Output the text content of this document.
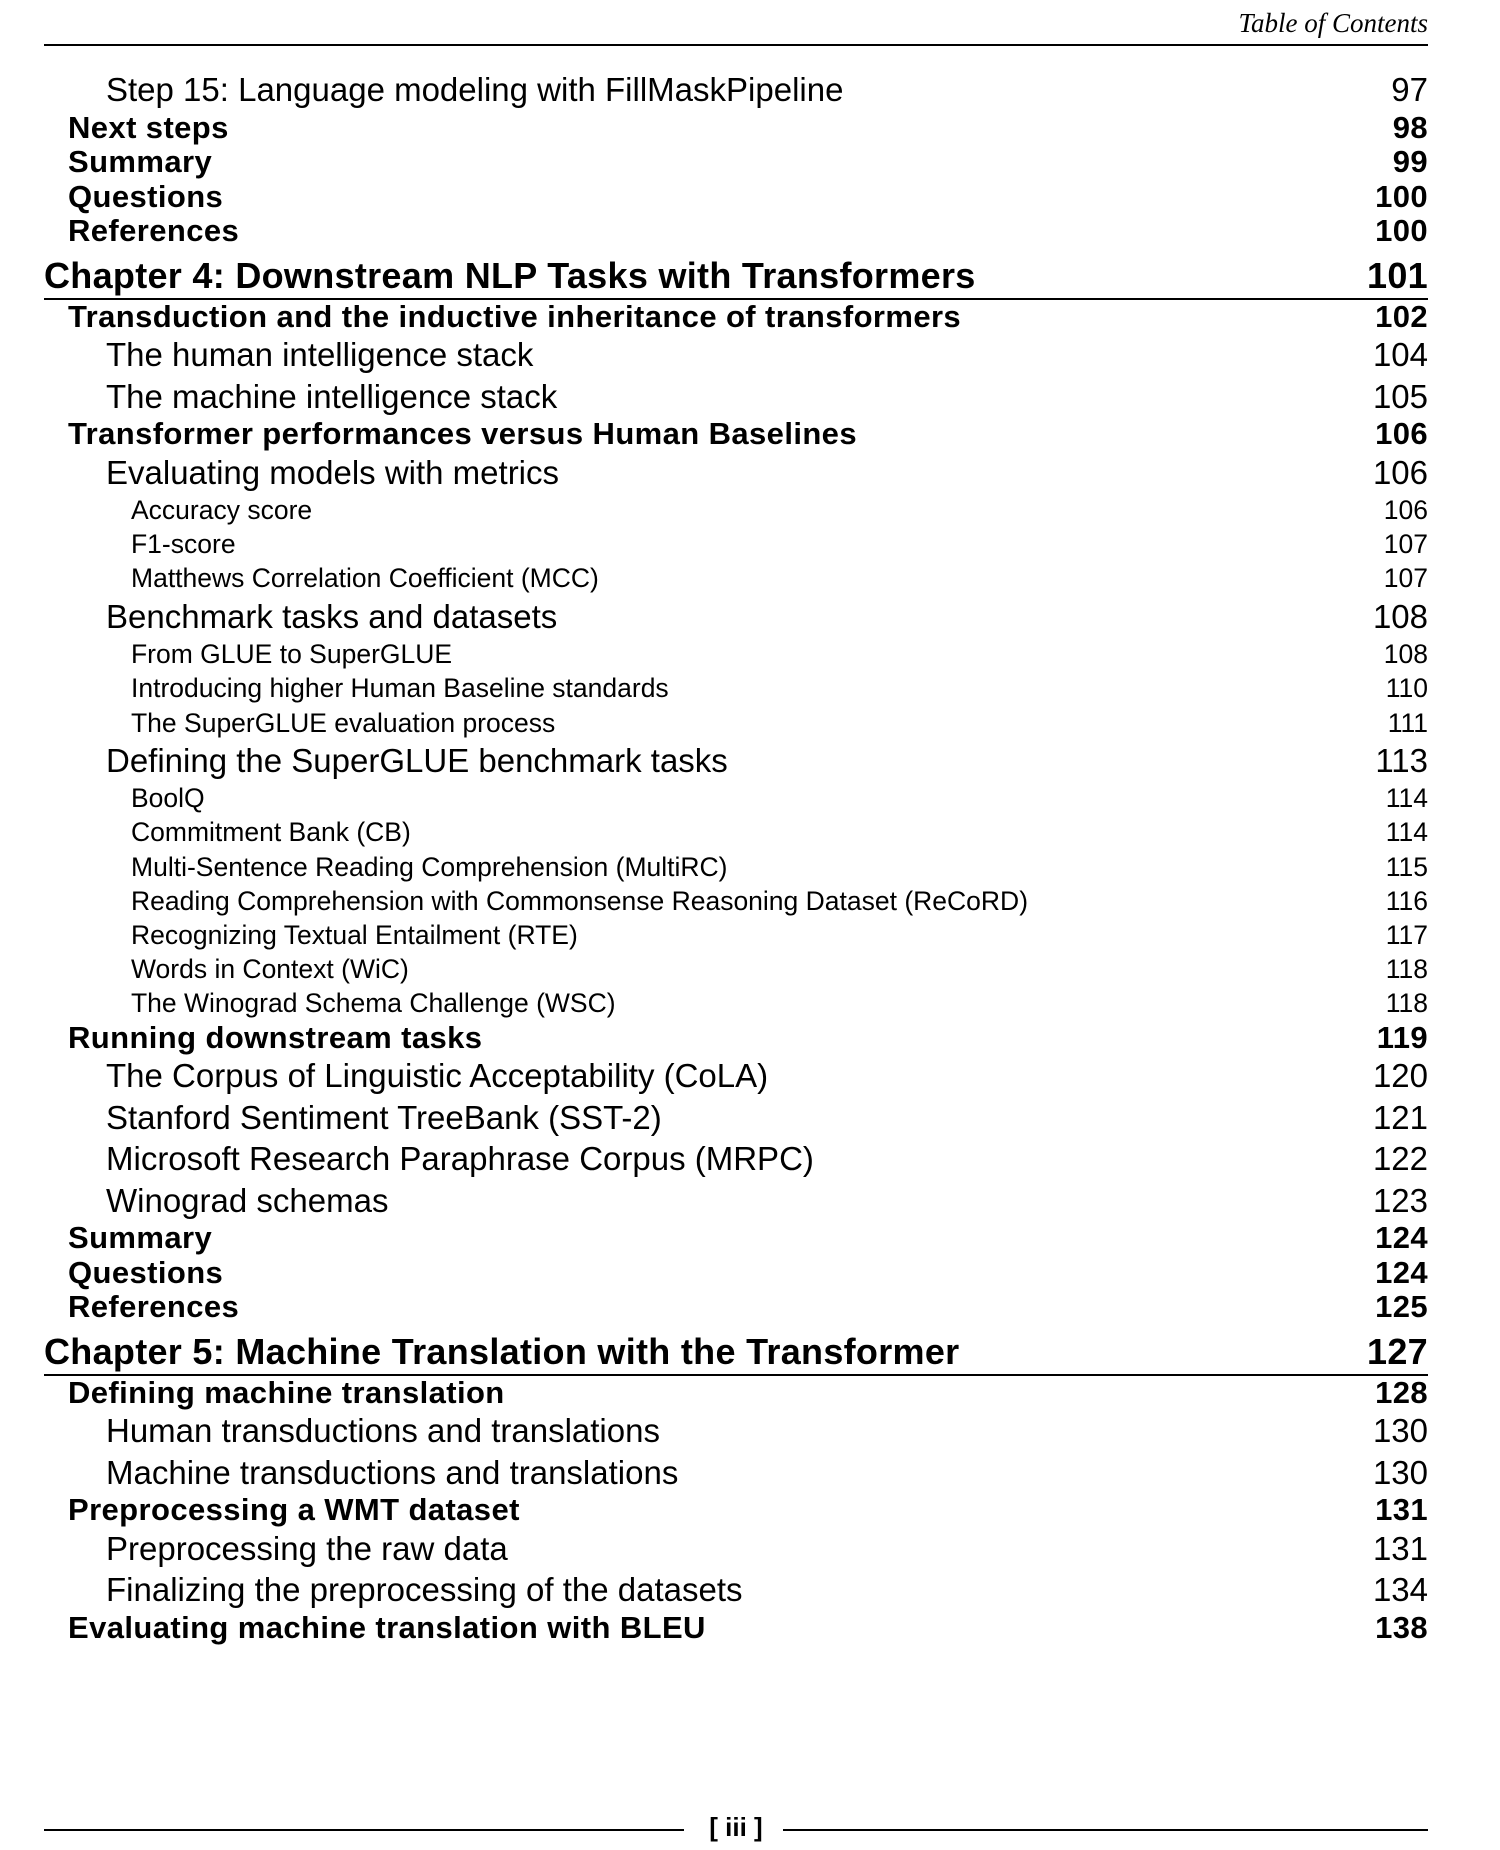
Table of Contents
Step 15: Language modeling with FillMaskPipeline	97
Next steps	98
Summary	99
Questions	100
References	100
Chapter 4: Downstream NLP Tasks with Transformers	101
Transduction and the inductive inheritance of transformers	102
The human intelligence stack	104
The machine intelligence stack	105
Transformer performances versus Human Baselines	106
Evaluating models with metrics	106
Accuracy score	106
F1-score	107
Matthews Correlation Coefficient (MCC)	107
Benchmark tasks and datasets	108
From GLUE to SuperGLUE	108
Introducing higher Human Baseline standards	110
The SuperGLUE evaluation process	111
Defining the SuperGLUE benchmark tasks	113
BoolQ	114
Commitment Bank (CB)	114
Multi-Sentence Reading Comprehension (MultiRC)	115
Reading Comprehension with Commonsense Reasoning Dataset (ReCoRD)	116
Recognizing Textual Entailment (RTE)	117
Words in Context (WiC)	118
The Winograd Schema Challenge (WSC)	118
Running downstream tasks	119
The Corpus of Linguistic Acceptability (CoLA)	120
Stanford Sentiment TreeBank (SST-2)	121
Microsoft Research Paraphrase Corpus (MRPC)	122
Winograd schemas	123
Summary	124
Questions	124
References	125
Chapter 5: Machine Translation with the Transformer	127
Defining machine translation	128
Human transductions and translations	130
Machine transductions and translations	130
Preprocessing a WMT dataset	131
Preprocessing the raw data	131
Finalizing the preprocessing of the datasets	134
Evaluating machine translation with BLEU	138
[ iii ]
